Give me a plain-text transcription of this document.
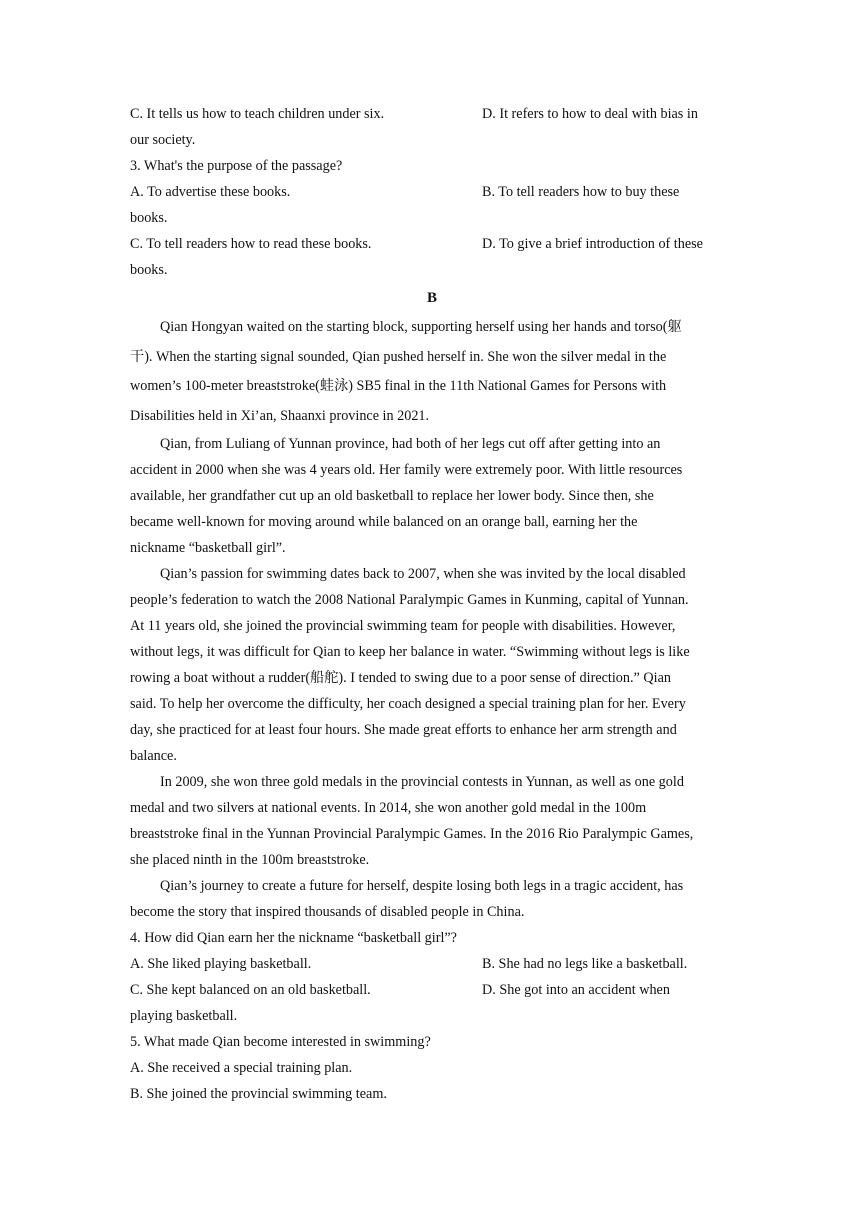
C. It tells us how to teach children under six.	D. It refers to how to deal with bias in
our society.
3. What's the purpose of the passage?
A. To advertise these books.	B. To tell readers how to buy these
books.
C. To tell readers how to read these books.	D. To give a brief introduction of these
books.
B
Qian Hongyan waited on the starting block, supporting herself using her hands and torso(躯
干). When the starting signal sounded, Qian pushed herself in. She won the silver medal in the
women’s 100-meter breaststroke(蛙泳) SB5 final in the 11th National Games for Persons with
Disabilities held in Xi’an, Shaanxi province in 2021.
Qian, from Luliang of Yunnan province, had both of her legs cut off after getting into an
accident in 2000 when she was 4 years old. Her family were extremely poor. With little resources
available, her grandfather cut up an old basketball to replace her lower body. Since then, she
became well-known for moving around while balanced on an orange ball, earning her the
nickname “basketball girl”.
Qian’s passion for swimming dates back to 2007, when she was invited by the local disabled
people’s federation to watch the 2008 National Paralympic Games in Kunming, capital of Yunnan.
At 11 years old, she joined the provincial swimming team for people with disabilities. However,
without legs, it was difficult for Qian to keep her balance in water. “Swimming without legs is like
rowing a boat without a rudder(船舵). I tended to swing due to a poor sense of direction.” Qian
said. To help her overcome the difficulty, her coach designed a special training plan for her. Every
day, she practiced for at least four hours. She made great efforts to enhance her arm strength and
balance.
In 2009, she won three gold medals in the provincial contests in Yunnan, as well as one gold
medal and two silvers at national events. In 2014, she won another gold medal in the 100m
breaststroke final in the Yunnan Provincial Paralympic Games. In the 2016 Rio Paralympic Games,
she placed ninth in the 100m breaststroke.
Qian’s journey to create a future for herself, despite losing both legs in a tragic accident, has
become the story that inspired thousands of disabled people in China.
4. How did Qian earn her the nickname “basketball girl”?
A. She liked playing basketball.	B. She had no legs like a basketball.
C. She kept balanced on an old basketball.	D. She got into an accident when
playing basketball.
5. What made Qian become interested in swimming?
A. She received a special training plan.
B. She joined the provincial swimming team.
